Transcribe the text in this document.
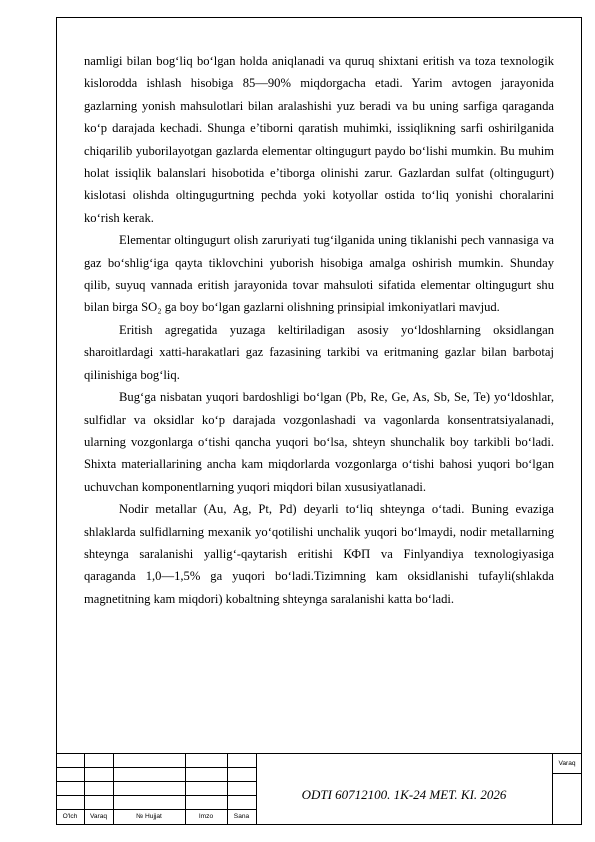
namligi bilan bog‘liq bo‘lgan holda aniqlanadi va quruq shixtani eritish va toza texnologik kislorodda ishlash hisobiga 85—90% miqdorgacha etadi. Yarim avtogen jarayonida gazlarning yonish mahsulotlari bilan aralashishi yuz beradi va bu uning sarfiga qaraganda ko‘p darajada kechadi. Shunga e’tiborni qaratish muhimki, issiqlikning sarfi oshirilganida chiqarilib yuborilayotgan gazlarda elementar oltingugurt paydo bo‘lishi mumkin. Bu muhim holat issiqlik balanslari hisobotida e’tiborga olinishi zarur. Gazlardan sulfat (oltingugurt) kislotasi olishda oltingugurtning pechda yoki kotyollar ostida to‘liq yonishi choralarini ko‘rish kerak.

Elementar oltingugurt olish zaruriyati tug‘ilganida uning tiklanishi pech vannasiga va gaz bo‘shlig‘iga qayta tiklovchini yuborish hisobiga amalga oshirish mumkin. Shunday qilib, suyuq vannada eritish jarayonida tovar mahsuloti sifatida elementar oltingugurt shu bilan birga SO₂ ga boy bo‘lgan gazlarni olishning prinsipial imkoniyatlari mavjud.

Eritish agregatida yuzaga keltiriladigan asosiy yo‘ldoshlarning oksidlangan sharoitlardagi xatti-harakatlari gaz fazasining tarkibi va eritmaning gazlar bilan barbotaj qilinishiga bog‘liq.

Bug‘ga nisbatan yuqori bardoshligi bo‘lgan (Pb, Re, Ge, As, Sb, Se, Te) yo‘ldoshlar, sulfidlar va oksidlar ko‘p darajada vozgonlashadi va vagonlarda konsentratsiyalanadi, ularning vozgonlarga o‘tishi qancha yuqori bo‘lsa, shteyn shunchalik boy tarkibli bo‘ladi. Shixta materiallarining ancha kam miqdorlarda vozgonlarga o‘tishi bahosi yuqori bo‘lgan uchuvchan komponentlarning yuqori miqdori bilan xususiyatlanadi.

Nodir metallar (Au, Ag, Pt, Pd) deyarli to‘liq shteynga o‘tadi. Buning evaziga shlaklarda sulfidlarning mexanik yo‘qotilishi unchalik yuqori bo‘lmaydi, nodir metallarning shteynga saralanishi yallig‘-qaytarish eritishi КФП va Finlyandiya texnologiyasiga qaraganda 1,0—1,5% ga yuqori bo‘ladi.Tizimning kam oksidlanishi tufayli(shlakda magnetitning kam miqdori) kobaltning shteynga saralanishi katta bo‘ladi.

O'lch	Varaq	№ Hujjat	Imzo	Sana
ODTI 60712100. 1K-24 MET. KI. 2026
Varaq
